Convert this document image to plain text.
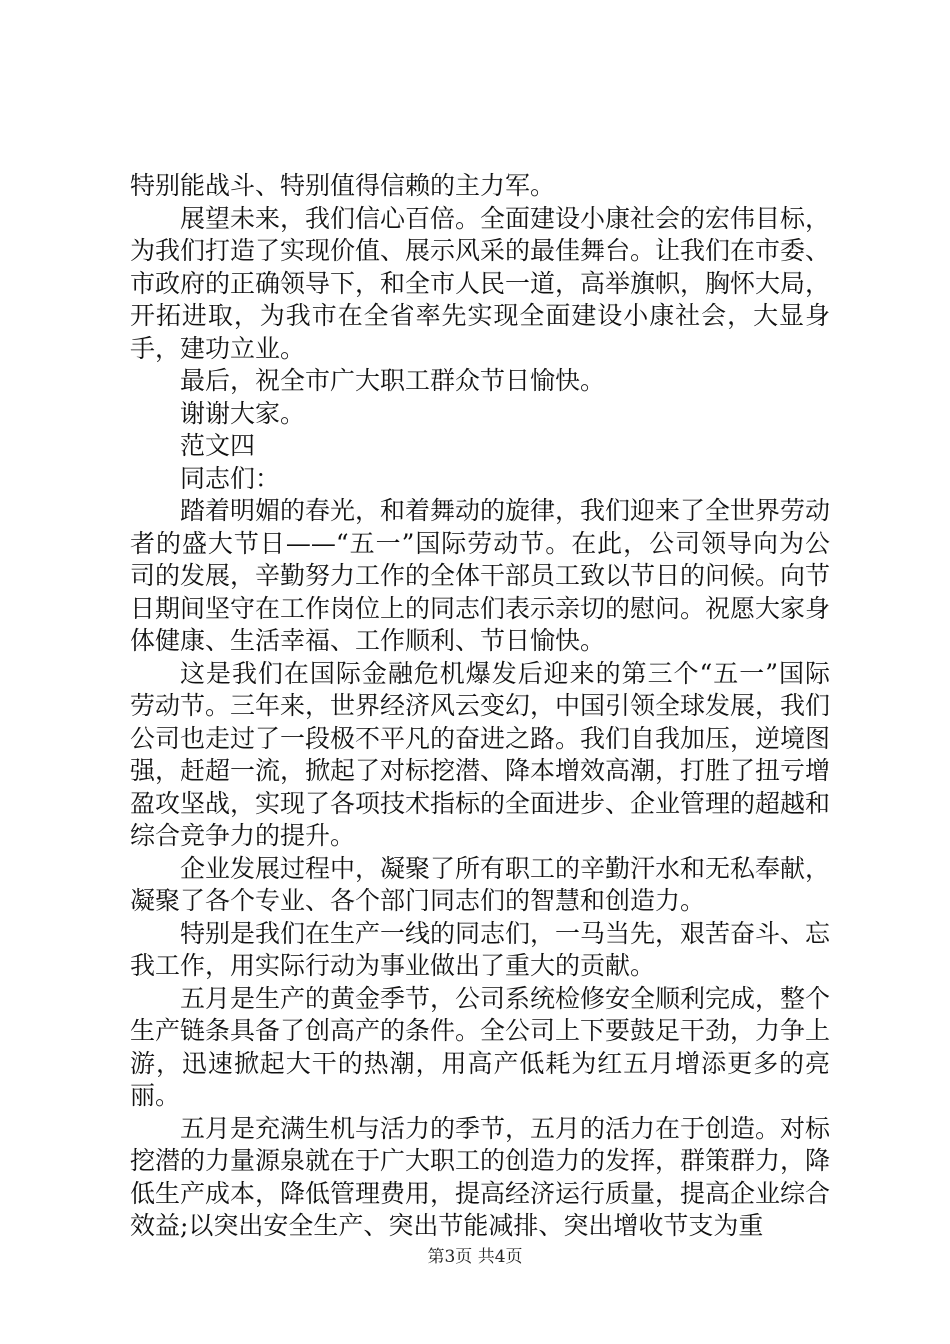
特别能战斗、特别值得信赖的主力军。

展望未来，我们信心百倍。全面建设小康社会的宏伟目标，为我们打造了实现价值、展示风采的最佳舞台。让我们在市委、市政府的正确领导下，和全市人民一道，高举旗帜，胸怀大局，开拓进取，为我市在全省率先实现全面建设小康社会，大显身手，建功立业。

最后，祝全市广大职工群众节日愉快。

谢谢大家。

范文四

同志们：

踏着明媚的春光，和着舞动的旋律，我们迎来了全世界劳动者的盛大节日——“五一”国际劳动节。在此，公司领导向为公司的发展，辛勤努力工作的全体干部员工致以节日的问候。向节日期间坚守在工作岗位上的同志们表示亲切的慰问。祝愿大家身体健康、生活幸福、工作顺利、节日愉快。

这是我们在国际金融危机爆发后迎来的第三个“五一”国际劳动节。三年来，世界经济风云变幻，中国引领全球发展，我们公司也走过了一段极不平凡的奋进之路。我们自我加压，逆境图强，赶超一流，掀起了对标挖潜、降本增效高潮，打胜了扭亏增盈攻坚战，实现了各项技术指标的全面进步、企业管理的超越和综合竞争力的提升。

企业发展过程中，凝聚了所有职工的辛勤汗水和无私奉献，凝聚了各个专业、各个部门同志们的智慧和创造力。

特别是我们在生产一线的同志们，一马当先，艰苦奋斗、忘我工作，用实际行动为事业做出了重大的贡献。

五月是生产的黄金季节，公司系统检修安全顺利完成，整个生产链条具备了创高产的条件。全公司上下要鼓足干劲，力争上游，迅速掀起大干的热潮，用高产低耗为红五月增添更多的亮丽。

五月是充满生机与活力的季节，五月的活力在于创造。对标挖潜的力量源泉就在于广大职工的创造力的发挥，群策群力，降低生产成本，降低管理费用，提高经济运行质量，提高企业综合效益;以突出安全生产、突出节能减排、突出增收节支为重

第3页 共4页
